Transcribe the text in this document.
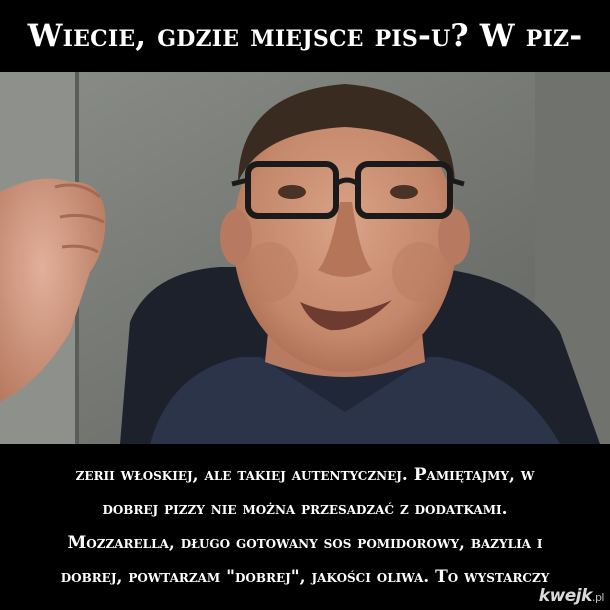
Wiecie, gdzie miejsce pis-u? W piz-
zerii włoskiej, ale takiej autentycznej. Pamiętajmy, w
dobrej pizzy nie można przesadzać z dodatkami.
Mozzarella, długo gotowany sos pomidorowy, bazylia i
dobrej, powtarzam "dobrej", jakości oliwa. To wystarczy
kwejk.pl
